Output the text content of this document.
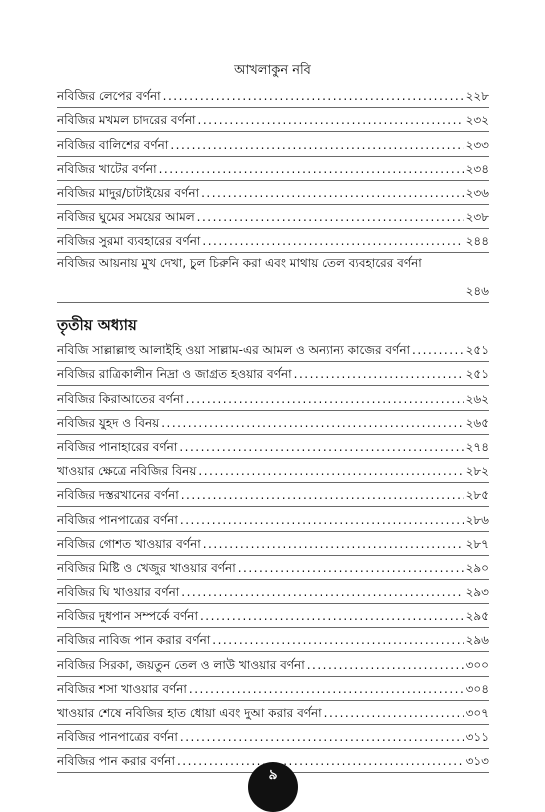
আখলাকুন নবি
নবিজির লেপের বর্ণনা .....	২২৮
নবিজির মখমল চাদরের বর্ণনা .....	২৩২
নবিজির বালিশের বর্ণনা .....	২৩৩
নবিজির খাটের বর্ণনা .....	২৩৪
নবিজির মাদুর/চাটাইয়ের বর্ণনা .....	২৩৬
নবিজির ঘুমের সময়ের আমল .....	২৩৮
নবিজির সুরমা ব্যবহারের বর্ণনা .....	২৪৪
নবিজির আয়নায় মুখ দেখা, চুল চিরুনি করা এবং মাথায় তেল ব্যবহারের বর্ণনা
২৪৬
তৃতীয় অধ্যায়
নবিজি সাল্লাল্লাহু আলাইহি ওয়া সাল্লাম-এর আমল ও অন্যান্য কাজের বর্ণনা .....	২৫১
নবিজির রাত্রিকালীন নিদ্রা ও জাগ্রত হওয়ার বর্ণনা .....	২৫১
নবিজির কিরাআতের বর্ণনা .....	২৬২
নবিজির যুহদ ও বিনয় .....	২৬৫
নবিজির পানাহারের বর্ণনা .....	২৭৪
খাওয়ার ক্ষেত্রে নবিজির বিনয় .....	২৮২
নবিজির দস্তরখানের বর্ণনা .....	২৮৫
নবিজির পানপাত্রের বর্ণনা .....	২৮৬
নবিজির গোশত খাওয়ার বর্ণনা .....	২৮৭
নবিজির মিষ্টি ও খেজুর খাওয়ার বর্ণনা .....	২৯০
নবিজির ঘি খাওয়ার বর্ণনা .....	২৯৩
নবিজির দুধপান সম্পর্কে বর্ণনা .....	২৯৫
নবিজির নাবিজ পান করার বর্ণনা .....	২৯৬
নবিজির সিরকা, জয়তুন তেল ও লাউ খাওয়ার বর্ণনা .....	৩০০
নবিজির শসা খাওয়ার বর্ণনা .....	৩০৪
খাওয়ার শেষে নবিজির হাত ধোয়া এবং দুআ করার বর্ণনা .....	৩০৭
নবিজির পানপাত্রের বর্ণনা .....	৩১১
নবিজির পান করার বর্ণনা .....	৩১৩
৯
